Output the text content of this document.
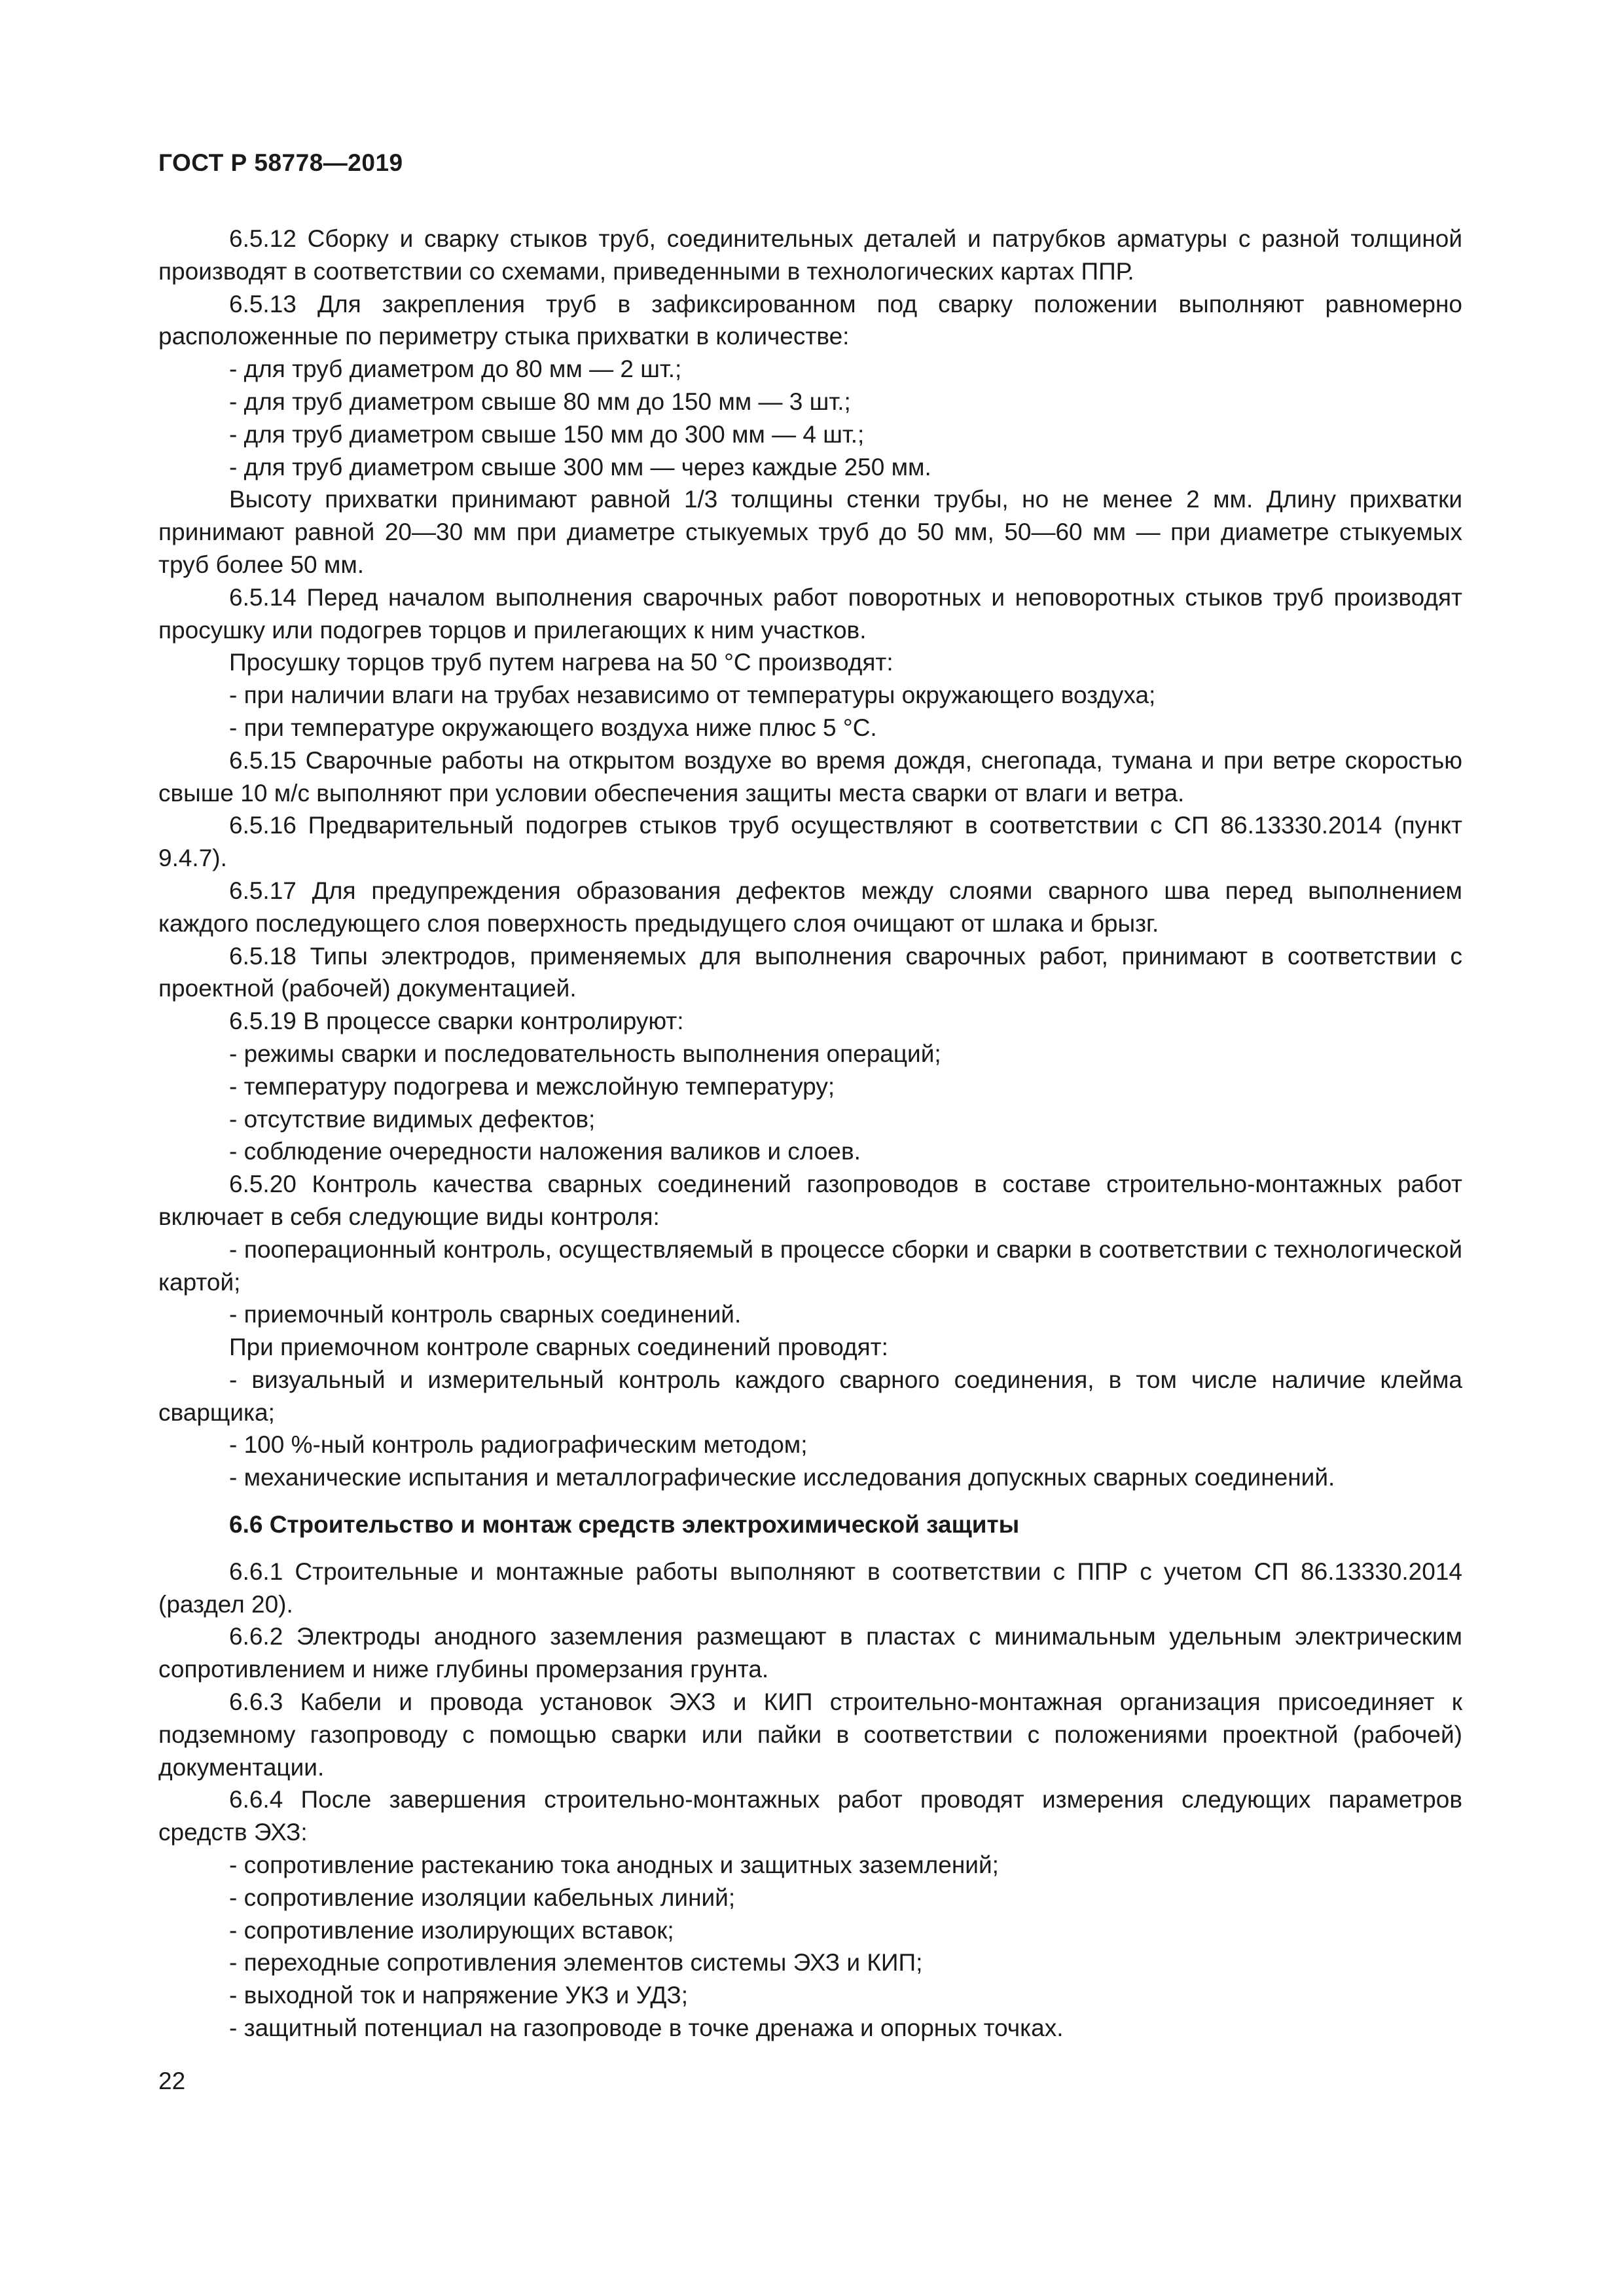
ГОСТ Р 58778—2019

6.5.12 Сборку и сварку стыков труб, соединительных деталей и патрубков арматуры с разной толщиной производят в соответствии со схемами, приведенными в технологических картах ППР.

6.5.13 Для закрепления труб в зафиксированном под сварку положении выполняют равномерно расположенные по периметру стыка прихватки в количестве:

- для труб диаметром до 80 мм — 2 шт.;

- для труб диаметром свыше 80 мм до 150 мм — 3 шт.;

- для труб диаметром свыше 150 мм до 300 мм — 4 шт.;

- для труб диаметром свыше 300 мм — через каждые 250 мм.

Высоту прихватки принимают равной 1/3 толщины стенки трубы, но не менее 2 мм. Длину прихватки принимают равной 20—30 мм при диаметре стыкуемых труб до 50 мм, 50—60 мм — при диаметре стыкуемых труб более 50 мм.

6.5.14 Перед началом выполнения сварочных работ поворотных и неповоротных стыков труб производят просушку или подогрев торцов и прилегающих к ним участков.

Просушку торцов труб путем нагрева на 50 °С производят:

- при наличии влаги на трубах независимо от температуры окружающего воздуха;

- при температуре окружающего воздуха ниже плюс 5 °С.

6.5.15 Сварочные работы на открытом воздухе во время дождя, снегопада, тумана и при ветре скоростью свыше 10 м/с выполняют при условии обеспечения защиты места сварки от влаги и ветра.

6.5.16 Предварительный подогрев стыков труб осуществляют в соответствии с СП 86.13330.2014 (пункт 9.4.7).

6.5.17 Для предупреждения образования дефектов между слоями сварного шва перед выполнением каждого последующего слоя поверхность предыдущего слоя очищают от шлака и брызг.

6.5.18 Типы электродов, применяемых для выполнения сварочных работ, принимают в соответствии с проектной (рабочей) документацией.

6.5.19 В процессе сварки контролируют:

- режимы сварки и последовательность выполнения операций;

- температуру подогрева и межслойную температуру;

- отсутствие видимых дефектов;

- соблюдение очередности наложения валиков и слоев.

6.5.20 Контроль качества сварных соединений газопроводов в составе строительно-монтажных работ включает в себя следующие виды контроля:

- пооперационный контроль, осуществляемый в процессе сборки и сварки в соответствии с технологической картой;

- приемочный контроль сварных соединений.

При приемочном контроле сварных соединений проводят:

- визуальный и измерительный контроль каждого сварного соединения, в том числе наличие клейма сварщика;

- 100 %-ный контроль радиографическим методом;

- механические испытания и металлографические исследования допускных сварных соединений.

6.6 Строительство и монтаж средств электрохимической защиты

6.6.1 Строительные и монтажные работы выполняют в соответствии с ППР с учетом СП 86.13330.2014 (раздел 20).

6.6.2 Электроды анодного заземления размещают в пластах с минимальным удельным электрическим сопротивлением и ниже глубины промерзания грунта.

6.6.3 Кабели и провода установок ЭХЗ и КИП строительно-монтажная организация присоединяет к подземному газопроводу с помощью сварки или пайки в соответствии с положениями проектной (рабочей) документации.

6.6.4 После завершения строительно-монтажных работ проводят измерения следующих параметров средств ЭХЗ:

- сопротивление растеканию тока анодных и защитных заземлений;

- сопротивление изоляции кабельных линий;

- сопротивление изолирующих вставок;

- переходные сопротивления элементов системы ЭХЗ и КИП;

- выходной ток и напряжение УКЗ и УДЗ;

- защитный потенциал на газопроводе в точке дренажа и опорных точках.

22
